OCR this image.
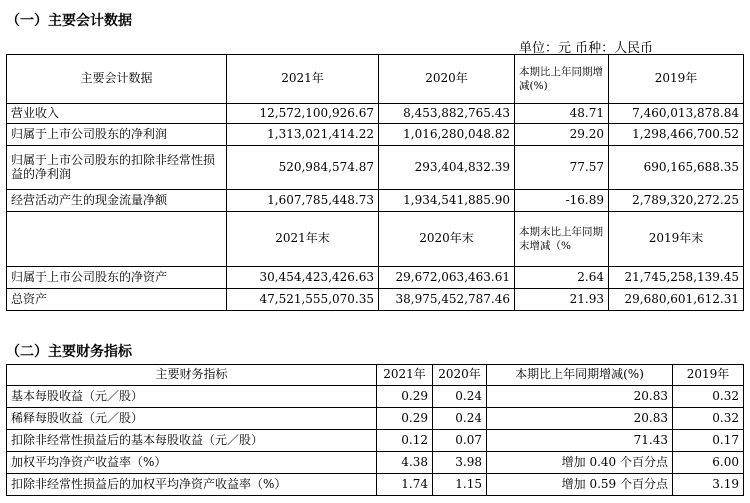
（一）主要会计数据
单位：元 币种：人民币
主要会计数据	2021年	2020年	本期比上年同期增减(%)	2019年
营业收入	12,572,100,926.67	8,453,882,765.43	48.71	7,460,013,878.84
归属于上市公司股东的净利润	1,313,021,414.22	1,016,280,048.82	29.20	1,298,466,700.52
归属于上市公司股东的扣除非经常性损益的净利润	520,984,574.87	293,404,832.39	77.57	690,165,688.35
经营活动产生的现金流量净额	1,607,785,448.73	1,934,541,885.90	-16.89	2,789,320,272.25
	2021年末	2020年末	本期末比上年同期末增减（%	2019年末
归属于上市公司股东的净资产	30,454,423,426.63	29,672,063,463.61	2.64	21,745,258,139.45
总资产	47,521,555,070.35	38,975,452,787.46	21.93	29,680,601,612.31
（二）主要财务指标
主要财务指标	2021年	2020年	本期比上年同期增减(%)	2019年
基本每股收益（元／股）	0.29	0.24	20.83	0.32
稀释每股收益（元／股）	0.29	0.24	20.83	0.32
扣除非经常性损益后的基本每股收益（元／股）	0.12	0.07	71.43	0.17
加权平均净资产收益率（%）	4.38	3.98	增加 0.40 个百分点	6.00
扣除非经常性损益后的加权平均净资产收益率（%）	1.74	1.15	增加 0.59 个百分点	3.19
